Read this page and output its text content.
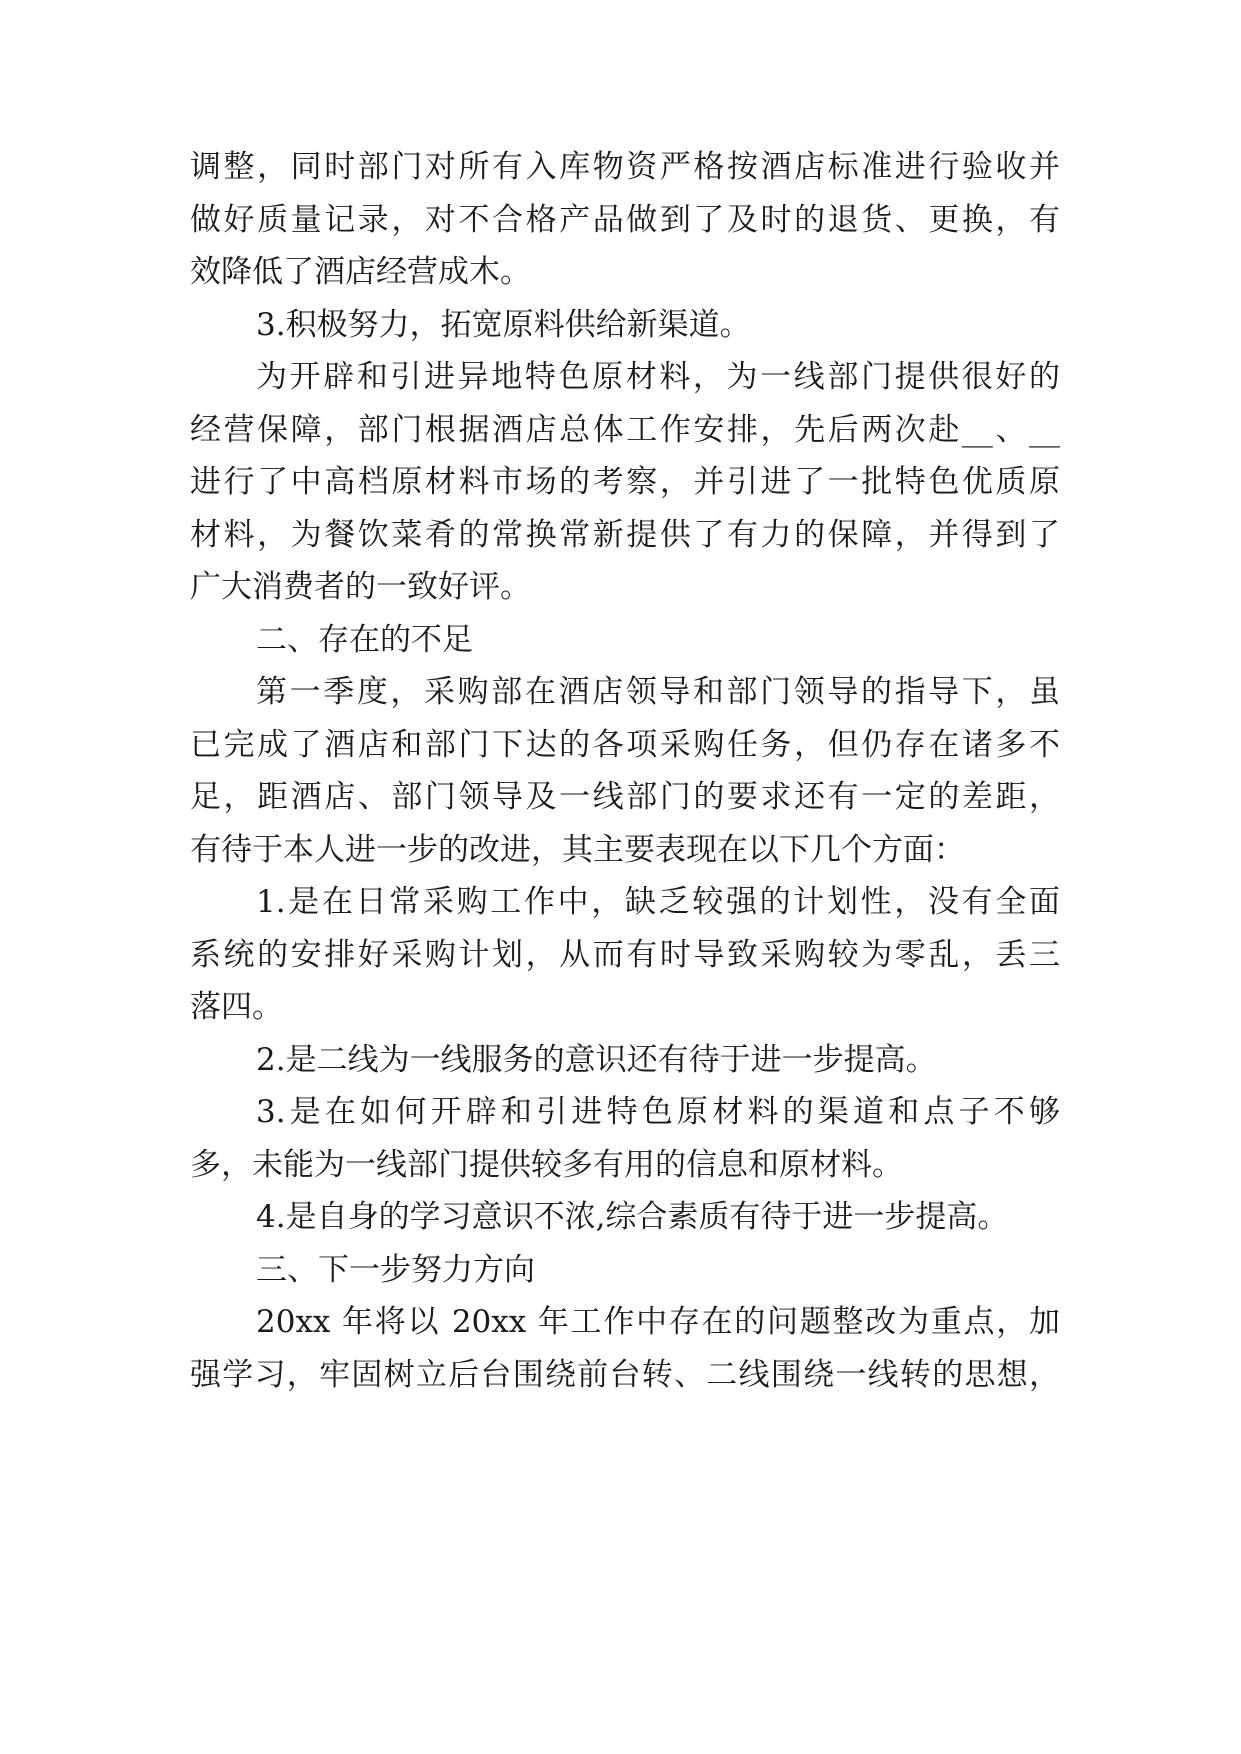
调整，同时部门对所有入库物资严格按酒店标准进行验收并
做好质量记录，对不合格产品做到了及时的退货、更换，有
效降低了酒店经营成木。
3.积极努力，拓宽原料供给新渠道。
为开辟和引进异地特色原材料，为一线部门提供很好的
经营保障，部门根据酒店总体工作安排，先后两次赴__、__
进行了中高档原材料市场的考察，并引进了一批特色优质原
材料，为餐饮菜肴的常换常新提供了有力的保障，并得到了
广大消费者的一致好评。
二、存在的不足
第一季度，采购部在酒店领导和部门领导的指导下，虽
已完成了酒店和部门下达的各项采购任务，但仍存在诸多不
足，距酒店、部门领导及一线部门的要求还有一定的差距，
有待于本人进一步的改进，其主要表现在以下几个方面：
1.是在日常采购工作中，缺乏较强的计划性，没有全面
系统的安排好采购计划，从而有时导致采购较为零乱，丢三
落四。
2.是二线为一线服务的意识还有待于进一步提高。
3.是在如何开辟和引进特色原材料的渠道和点子不够
多，未能为一线部门提供较多有用的信息和原材料。
4.是自身的学习意识不浓,综合素质有待于进一步提高。
三、下一步努力方向
20xx 年将以 20xx 年工作中存在的问题整改为重点，加
强学习，牢固树立后台围绕前台转、二线围绕一线转的思想，
